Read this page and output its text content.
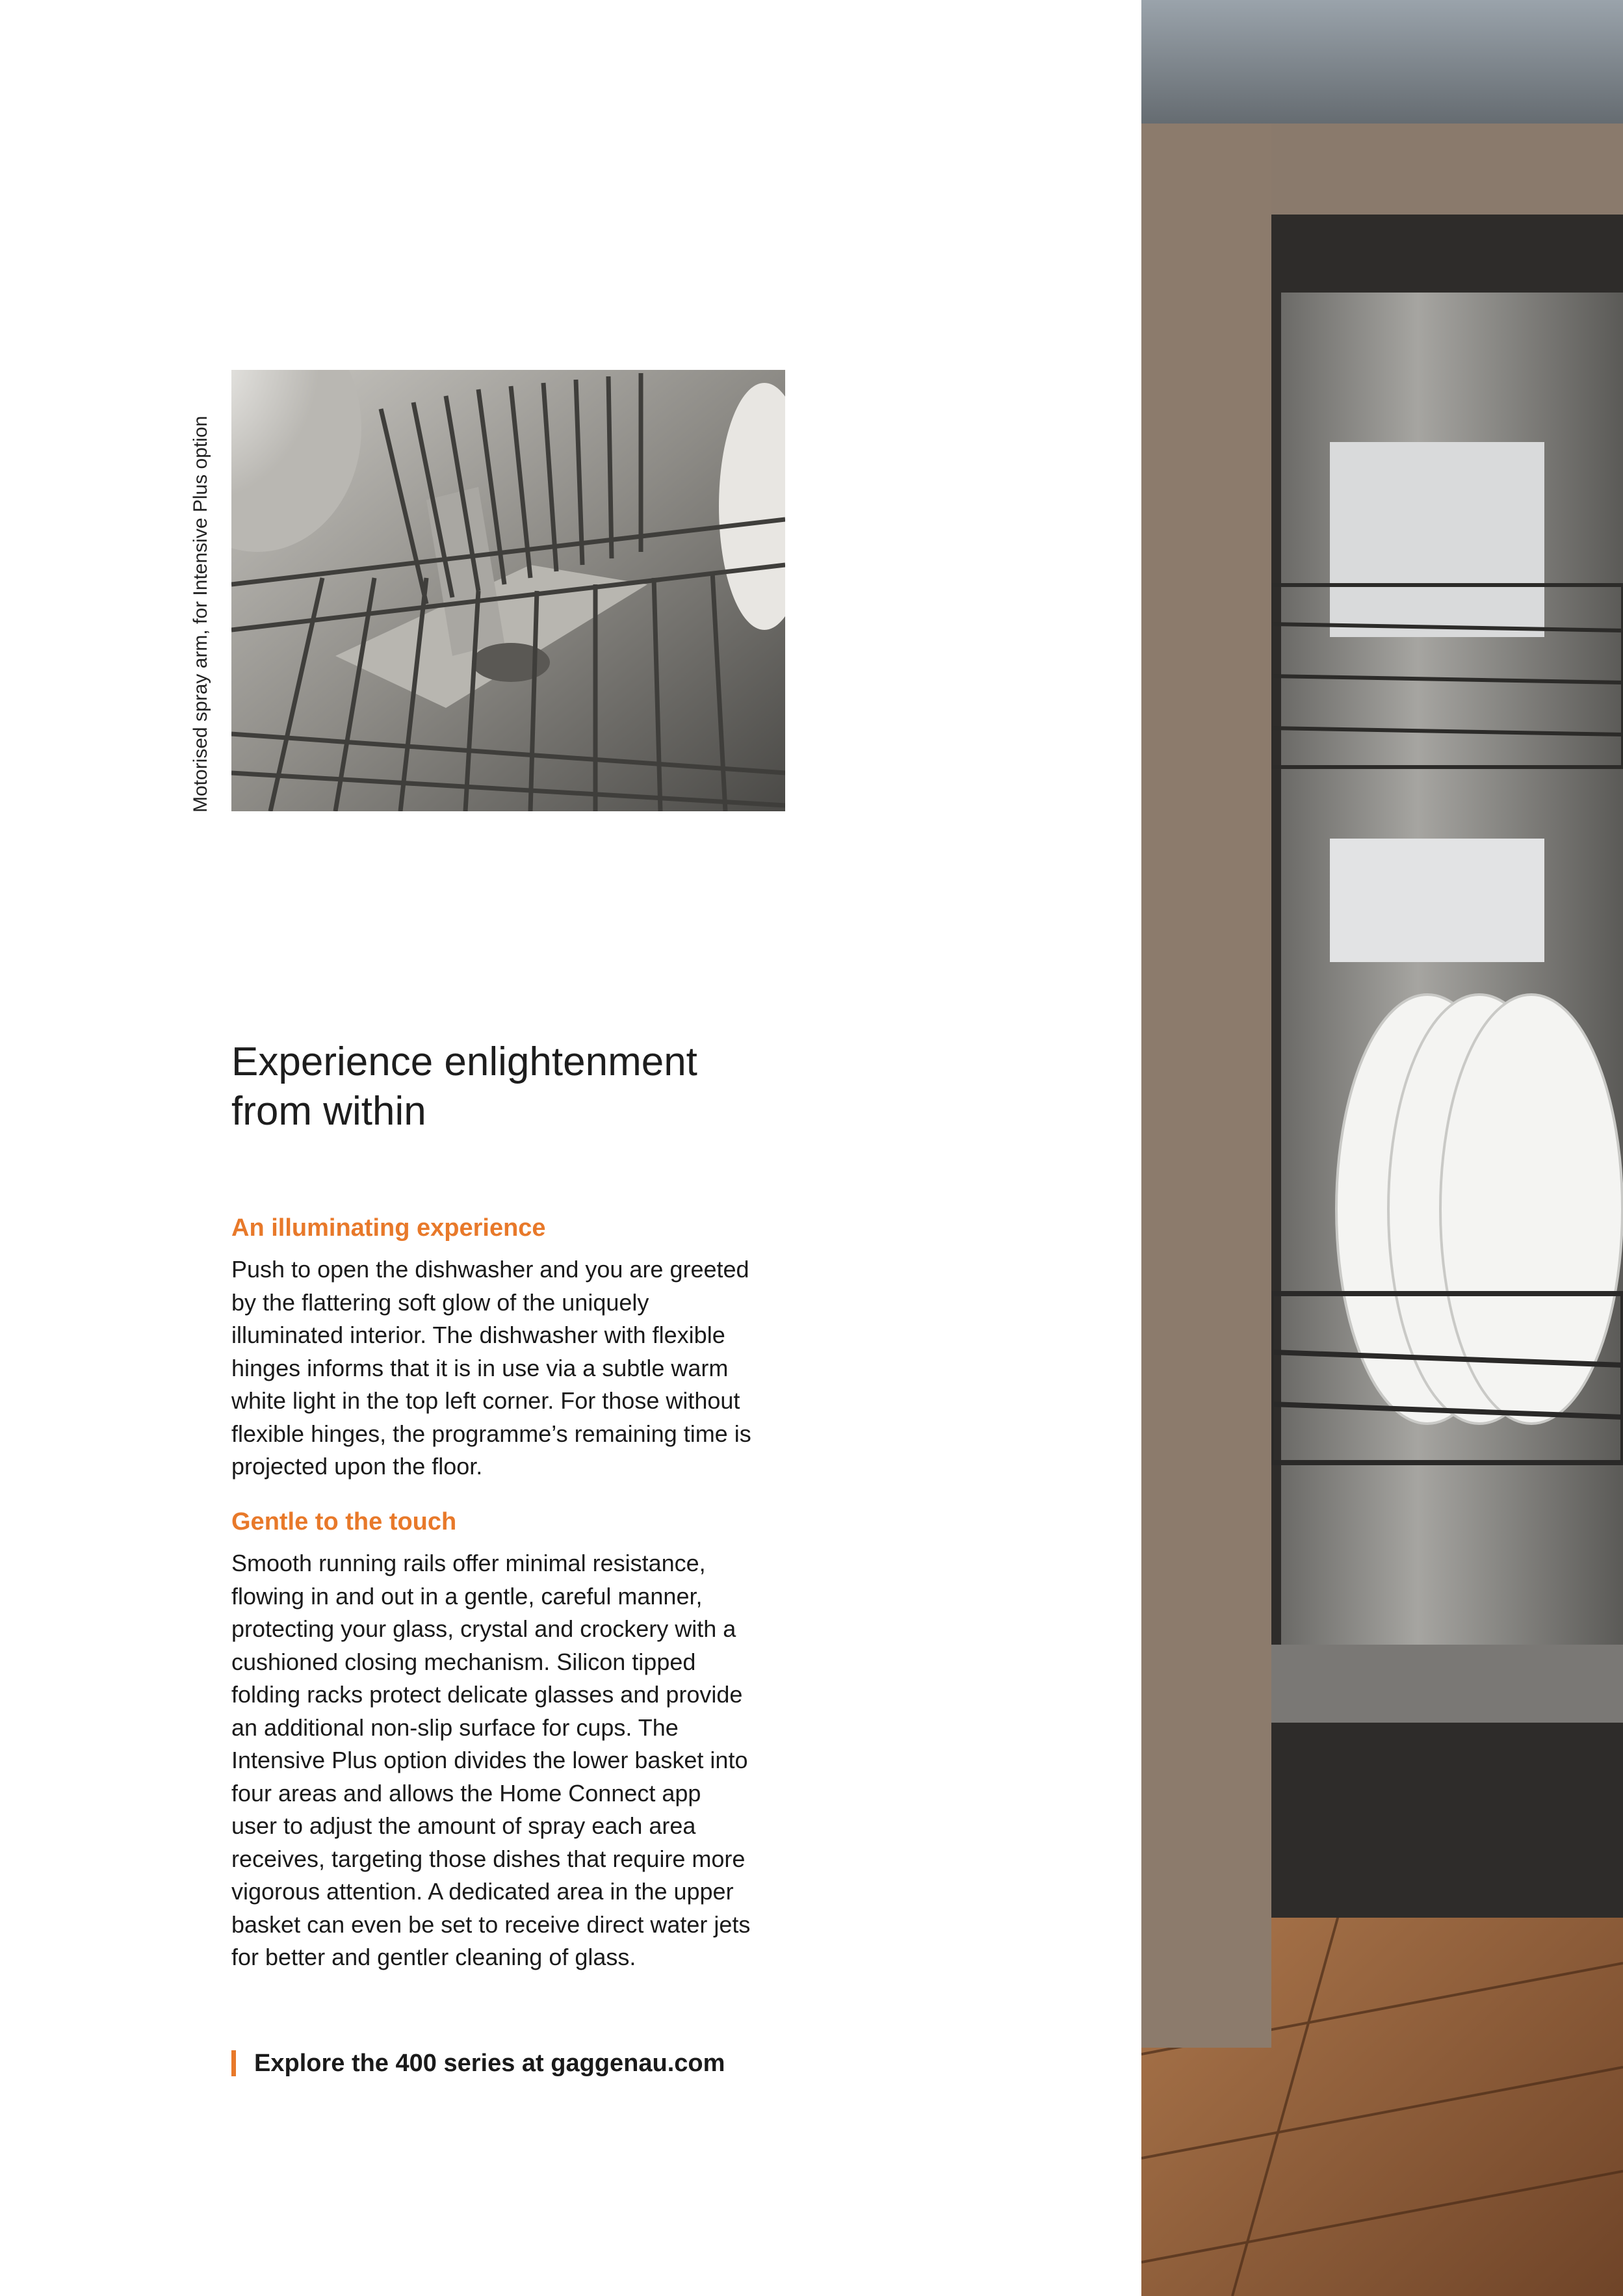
Motorised spray arm, for Intensive Plus option
Experience enlightenment
from within
An illuminating experience

Push to open the dishwasher and you are greeted
by the flattering soft glow of the uniquely
illuminated interior. The dishwasher with flexible
hinges informs that it is in use via a subtle warm
white light in the top left corner. For those without
flexible hinges, the programme’s remaining time is
projected upon the floor.

Gentle to the touch

Smooth running rails offer minimal resistance,
flowing in and out in a gentle, careful manner,
protecting your glass, crystal and crockery with a
cushioned closing mechanism. Silicon tipped
folding racks protect delicate glasses and provide
an additional non-slip surface for cups. The
Intensive Plus option divides the lower basket into
four areas and allows the Home Connect app
user to adjust the amount of spray each area
receives, targeting those dishes that require more
vigorous attention. A dedicated area in the upper
basket can even be set to receive direct water jets
for better and gentler cleaning of glass.

Explore the 400 series at gaggenau.com
